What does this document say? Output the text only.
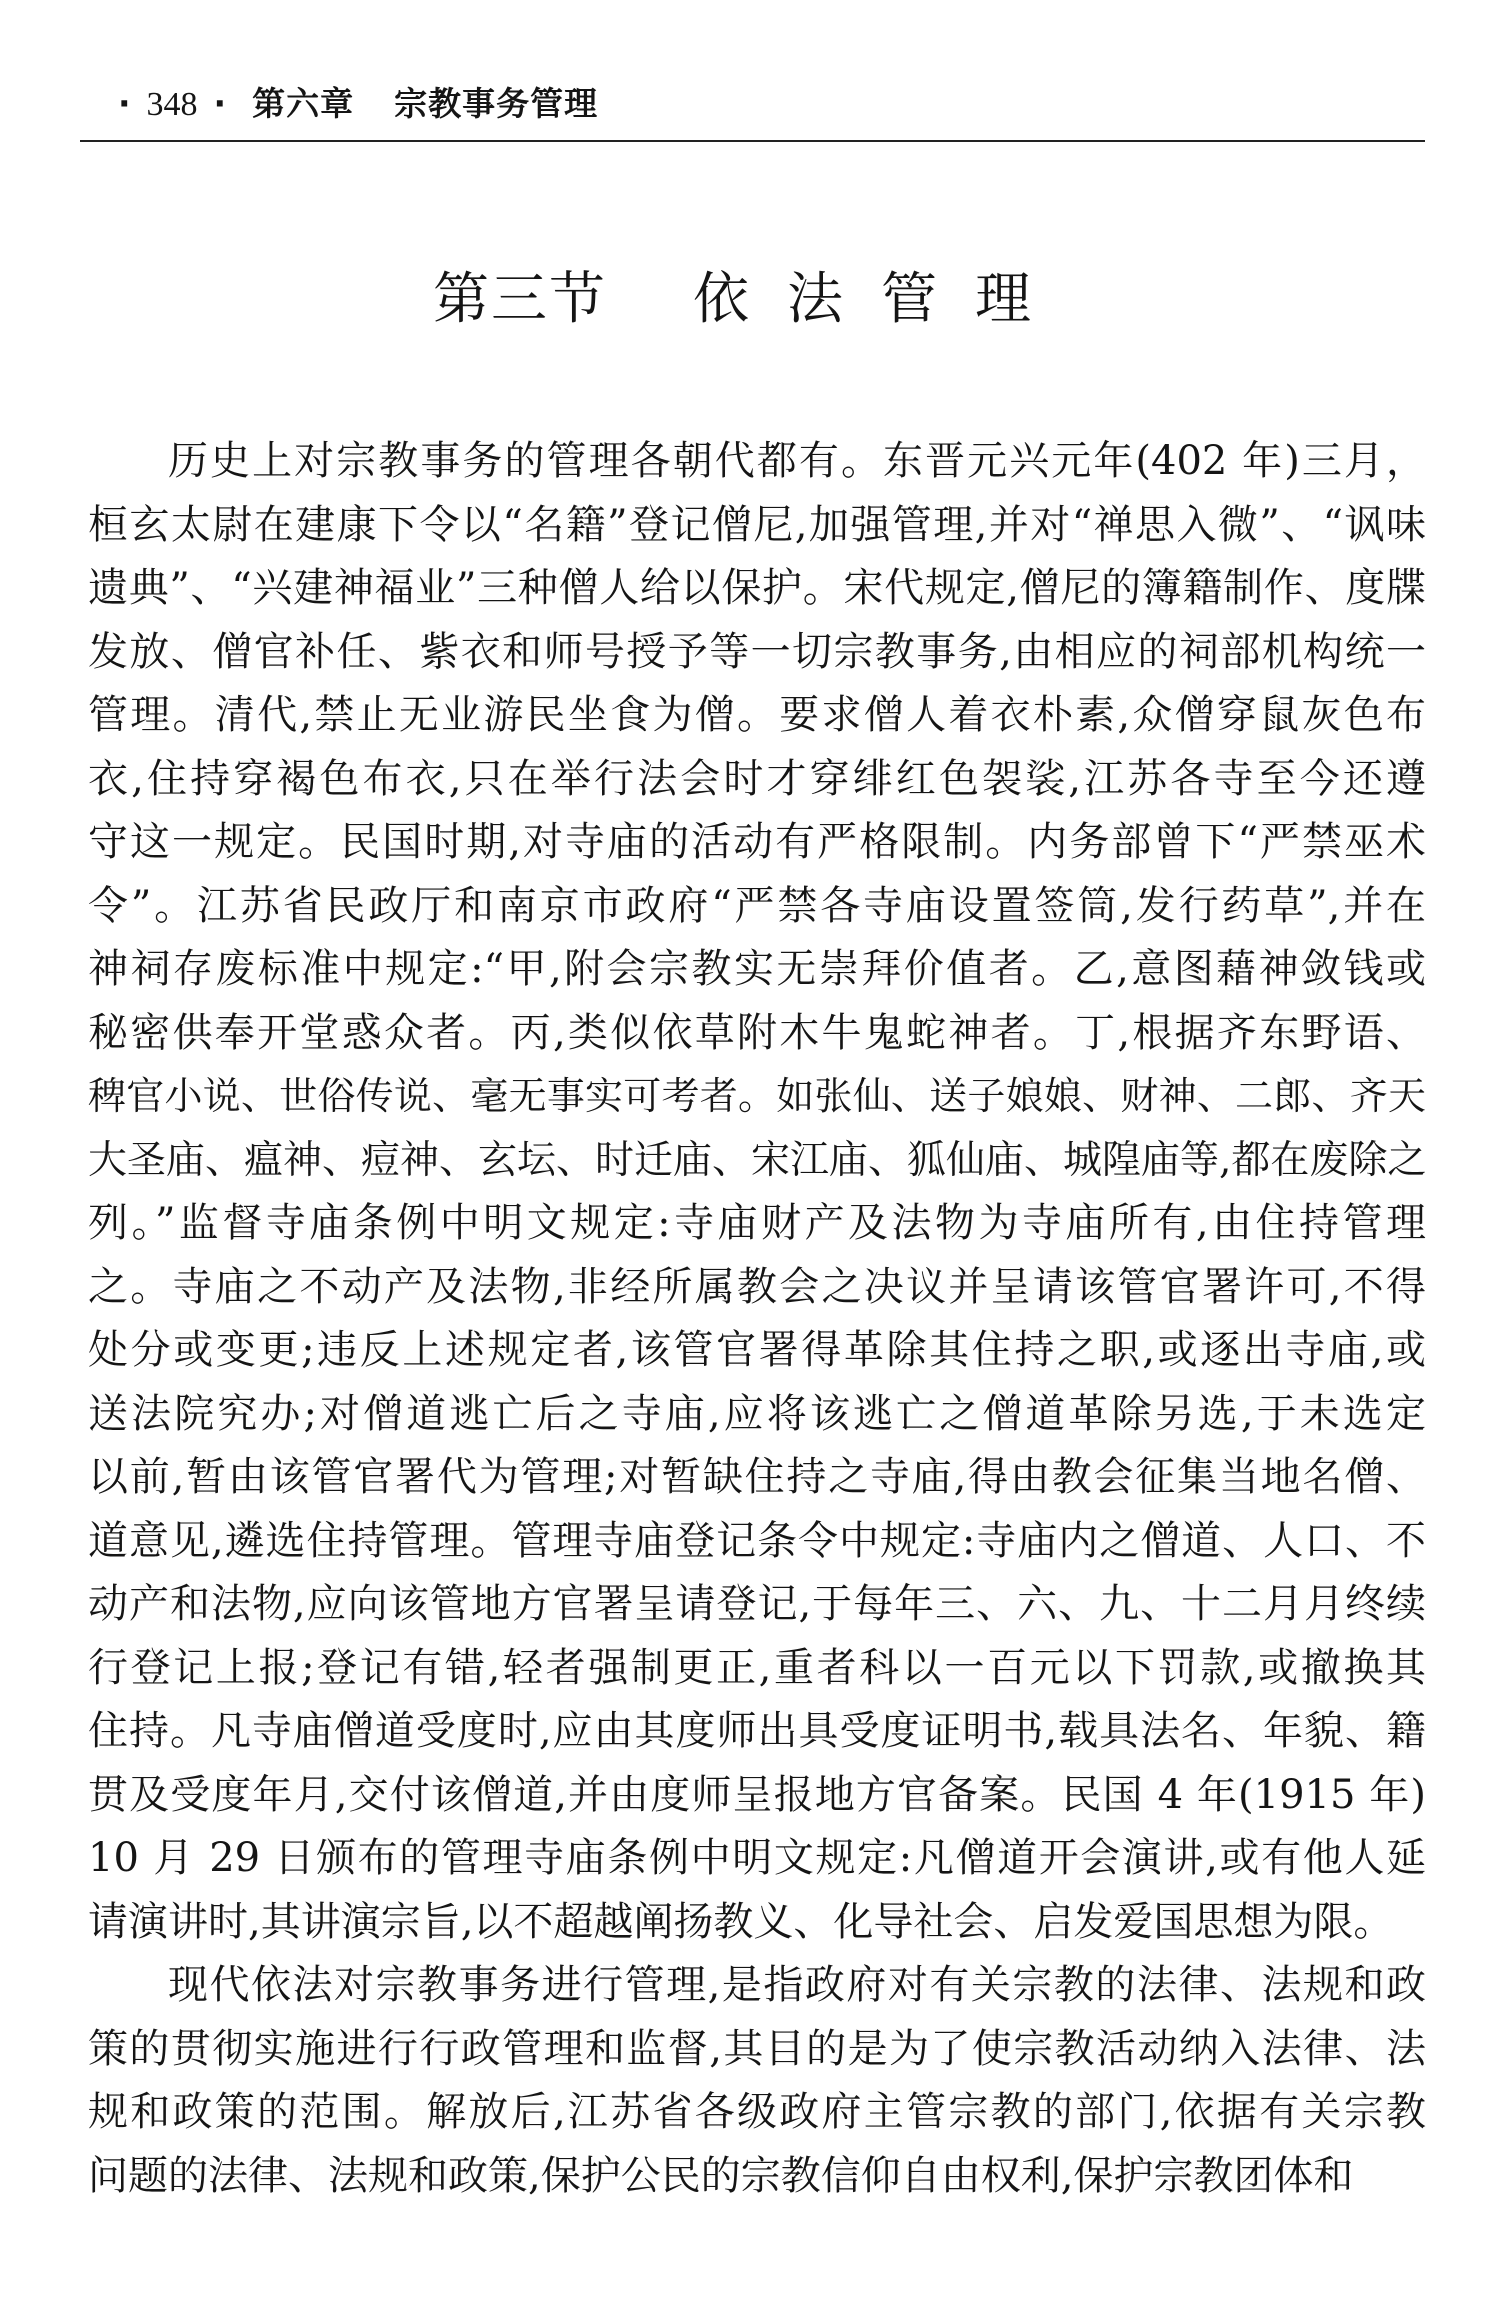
· 348 · 第六章 宗教事务管理
第三节 依法管理
历史上对宗教事务的管理各朝代都有。东晋元兴元年(402 年)三月，
桓玄太尉在建康下令以“名籍”登记僧尼,加强管理,并对“禅思入微”、“讽味
遗典”、“兴建神福业”三种僧人给以保护。宋代规定,僧尼的簿籍制作、度牒
发放、僧官补任、紫衣和师号授予等一切宗教事务,由相应的祠部机构统一
管理。清代,禁止无业游民坐食为僧。要求僧人着衣朴素,众僧穿鼠灰色布
衣,住持穿褐色布衣,只在举行法会时才穿绯红色袈裟,江苏各寺至今还遵
守这一规定。民国时期,对寺庙的活动有严格限制。内务部曾下“严禁巫术
令”。江苏省民政厅和南京市政府“严禁各寺庙设置签筒,发行药草”,并在
神祠存废标准中规定:“甲,附会宗教实无崇拜价值者。乙,意图藉神敛钱或
秘密供奉开堂惑众者。丙,类似依草附木牛鬼蛇神者。丁,根据齐东野语、
稗官小说、世俗传说、毫无事实可考者。如张仙、送子娘娘、财神、二郎、齐天
大圣庙、瘟神、痘神、玄坛、时迁庙、宋江庙、狐仙庙、城隍庙等,都在废除之
列。”监督寺庙条例中明文规定:寺庙财产及法物为寺庙所有,由住持管理
之。寺庙之不动产及法物,非经所属教会之决议并呈请该管官署许可,不得
处分或变更;违反上述规定者,该管官署得革除其住持之职,或逐出寺庙,或
送法院究办;对僧道逃亡后之寺庙,应将该逃亡之僧道革除另选,于未选定
以前,暂由该管官署代为管理;对暂缺住持之寺庙,得由教会征集当地名僧、
道意见,遴选住持管理。管理寺庙登记条令中规定:寺庙内之僧道、人口、不
动产和法物,应向该管地方官署呈请登记,于每年三、六、九、十二月月终续
行登记上报;登记有错,轻者强制更正,重者科以一百元以下罚款,或撤换其
住持。凡寺庙僧道受度时,应由其度师出具受度证明书,载具法名、年貌、籍
贯及受度年月,交付该僧道,并由度师呈报地方官备案。民国 4 年(1915 年)
10 月 29 日颁布的管理寺庙条例中明文规定:凡僧道开会演讲,或有他人延
请演讲时,其讲演宗旨,以不超越阐扬教义、化导社会、启发爱国思想为限。
现代依法对宗教事务进行管理,是指政府对有关宗教的法律、法规和政
策的贯彻实施进行行政管理和监督,其目的是为了使宗教活动纳入法律、法
规和政策的范围。解放后,江苏省各级政府主管宗教的部门,依据有关宗教
问题的法律、法规和政策,保护公民的宗教信仰自由权利,保护宗教团体和
